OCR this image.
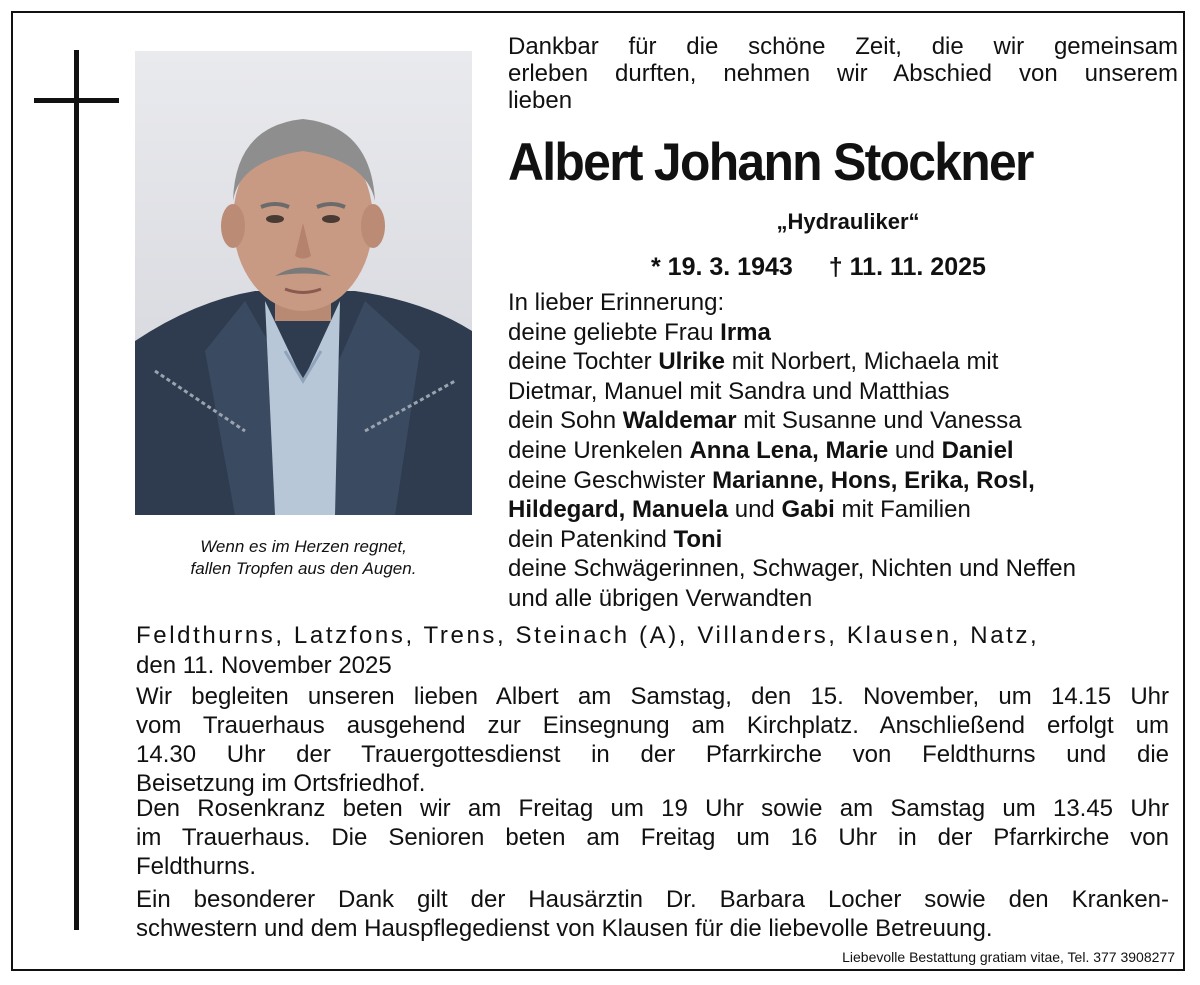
Wenn es im Herzen regnet,
fallen Tropfen aus den Augen.
Dankbar für die schöne Zeit, die wir gemeinsam
erleben durften, nehmen wir Abschied von unserem
lieben
Albert Johann Stockner
„Hydrauliker“
* 19. 3. 1943 † 11. 11. 2025
In lieber Erinnerung:
deine geliebte Frau Irma
deine Tochter Ulrike mit Norbert, Michaela mit
Dietmar, Manuel mit Sandra und Matthias
dein Sohn Waldemar mit Susanne und Vanessa
deine Urenkelen Anna Lena, Marie und Daniel
deine Geschwister Marianne, Hons, Erika, Rosl,
Hildegard, Manuela und Gabi mit Familien
dein Patenkind Toni
deine Schwägerinnen, Schwager, Nichten und Neffen
und alle übrigen Verwandten
Feldthurns, Latzfons, Trens, Steinach (A), Villanders, Klausen, Natz,
den 11. November 2025
Wir begleiten unseren lieben Albert am Samstag, den 15. November, um 14.15 Uhr
vom Trauerhaus ausgehend zur Einsegnung am Kirchplatz. Anschließend erfolgt um
14.30 Uhr der Trauergottesdienst in der Pfarrkirche von Feldthurns und die
Beisetzung im Ortsfriedhof.
Den Rosenkranz beten wir am Freitag um 19 Uhr sowie am Samstag um 13.45 Uhr
im Trauerhaus. Die Senioren beten am Freitag um 16 Uhr in der Pfarrkirche von
Feldthurns.
Ein besonderer Dank gilt der Hausärztin Dr. Barbara Locher sowie den Kranken-
schwestern und dem Hauspflegedienst von Klausen für die liebevolle Betreuung.
Liebevolle Bestattung gratiam vitae, Tel. 377 3908277
